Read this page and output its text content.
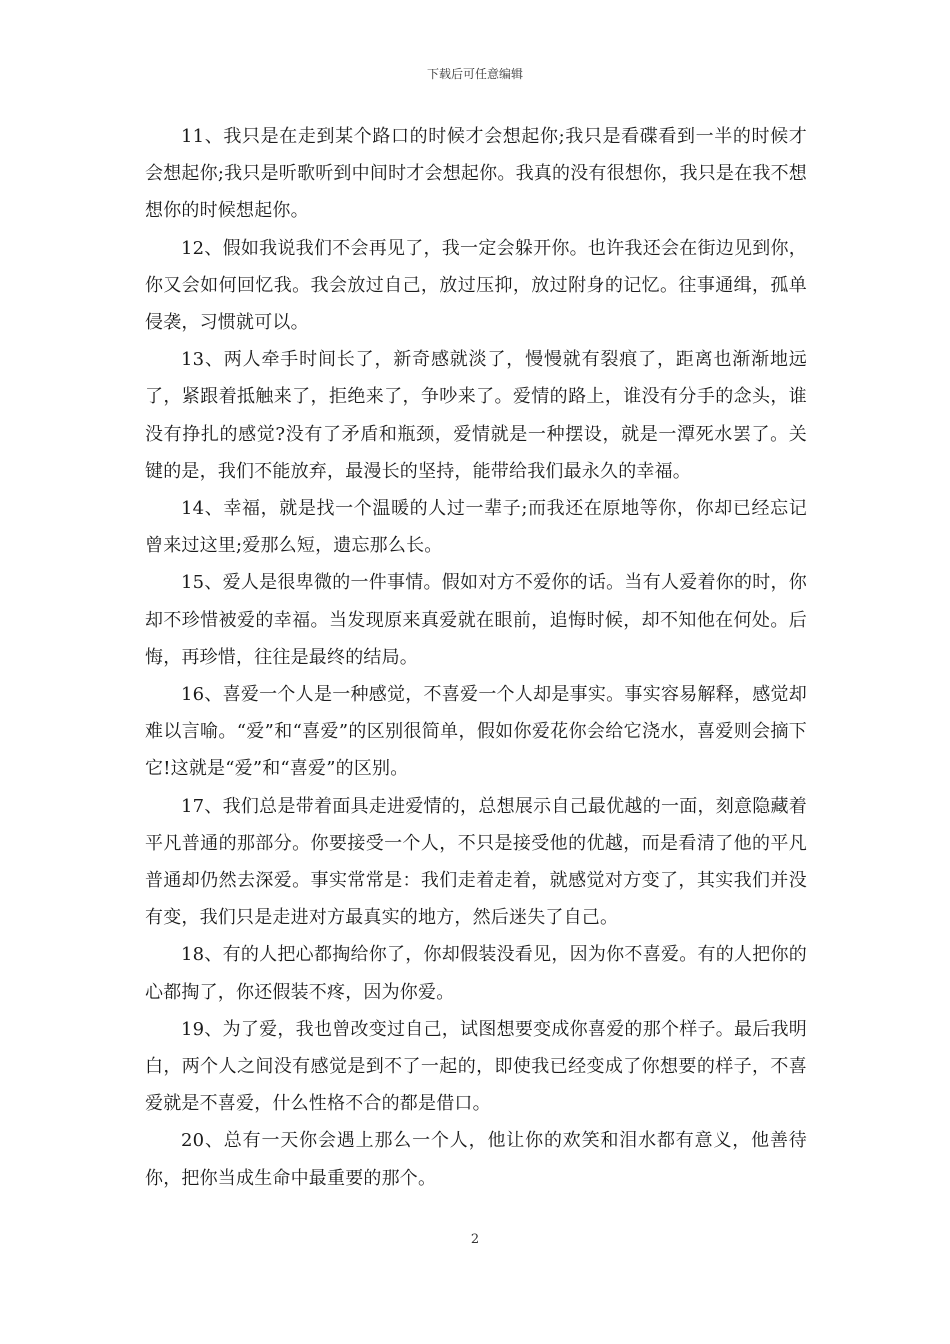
下载后可任意编辑

11、我只是在走到某个路口的时候才会想起你;我只是看碟看到一半的时候才会想起你;我只是听歌听到中间时才会想起你。我真的没有很想你，我只是在我不想想你的时候想起你。

12、假如我说我们不会再见了，我一定会躲开你。也许我还会在街边见到你，你又会如何回忆我。我会放过自己，放过压抑，放过附身的记忆。往事通缉，孤单侵袭，习惯就可以。

13、两人牵手时间长了，新奇感就淡了，慢慢就有裂痕了，距离也渐渐地远了，紧跟着抵触来了，拒绝来了，争吵来了。爱情的路上，谁没有分手的念头，谁没有挣扎的感觉?没有了矛盾和瓶颈，爱情就是一种摆设，就是一潭死水罢了。关键的是，我们不能放弃，最漫长的坚持，能带给我们最永久的幸福。

14、幸福，就是找一个温暖的人过一辈子;而我还在原地等你，你却已经忘记曾来过这里;爱那么短，遗忘那么长。

15、爱人是很卑微的一件事情。假如对方不爱你的话。当有人爱着你的时，你却不珍惜被爱的幸福。当发现原来真爱就在眼前，追悔时候，却不知他在何处。后悔，再珍惜，往往是最终的结局。

16、喜爱一个人是一种感觉，不喜爱一个人却是事实。事实容易解释，感觉却难以言喻。“爱”和“喜爱”的区别很简单，假如你爱花你会给它浇水，喜爱则会摘下它!这就是“爱”和“喜爱”的区别。

17、我们总是带着面具走进爱情的，总想展示自己最优越的一面，刻意隐藏着平凡普通的那部分。你要接受一个人，不只是接受他的优越，而是看清了他的平凡普通却仍然去深爱。事实常常是：我们走着走着，就感觉对方变了，其实我们并没有变，我们只是走进对方最真实的地方，然后迷失了自己。

18、有的人把心都掏给你了，你却假装没看见，因为你不喜爱。有的人把你的心都掏了，你还假装不疼，因为你爱。

19、为了爱，我也曾改变过自己，试图想要变成你喜爱的那个样子。最后我明白，两个人之间没有感觉是到不了一起的，即使我已经变成了你想要的样子，不喜爱就是不喜爱，什么性格不合的都是借口。

20、总有一天你会遇上那么一个人，他让你的欢笑和泪水都有意义，他善待你，把你当成生命中最重要的那个。

2
